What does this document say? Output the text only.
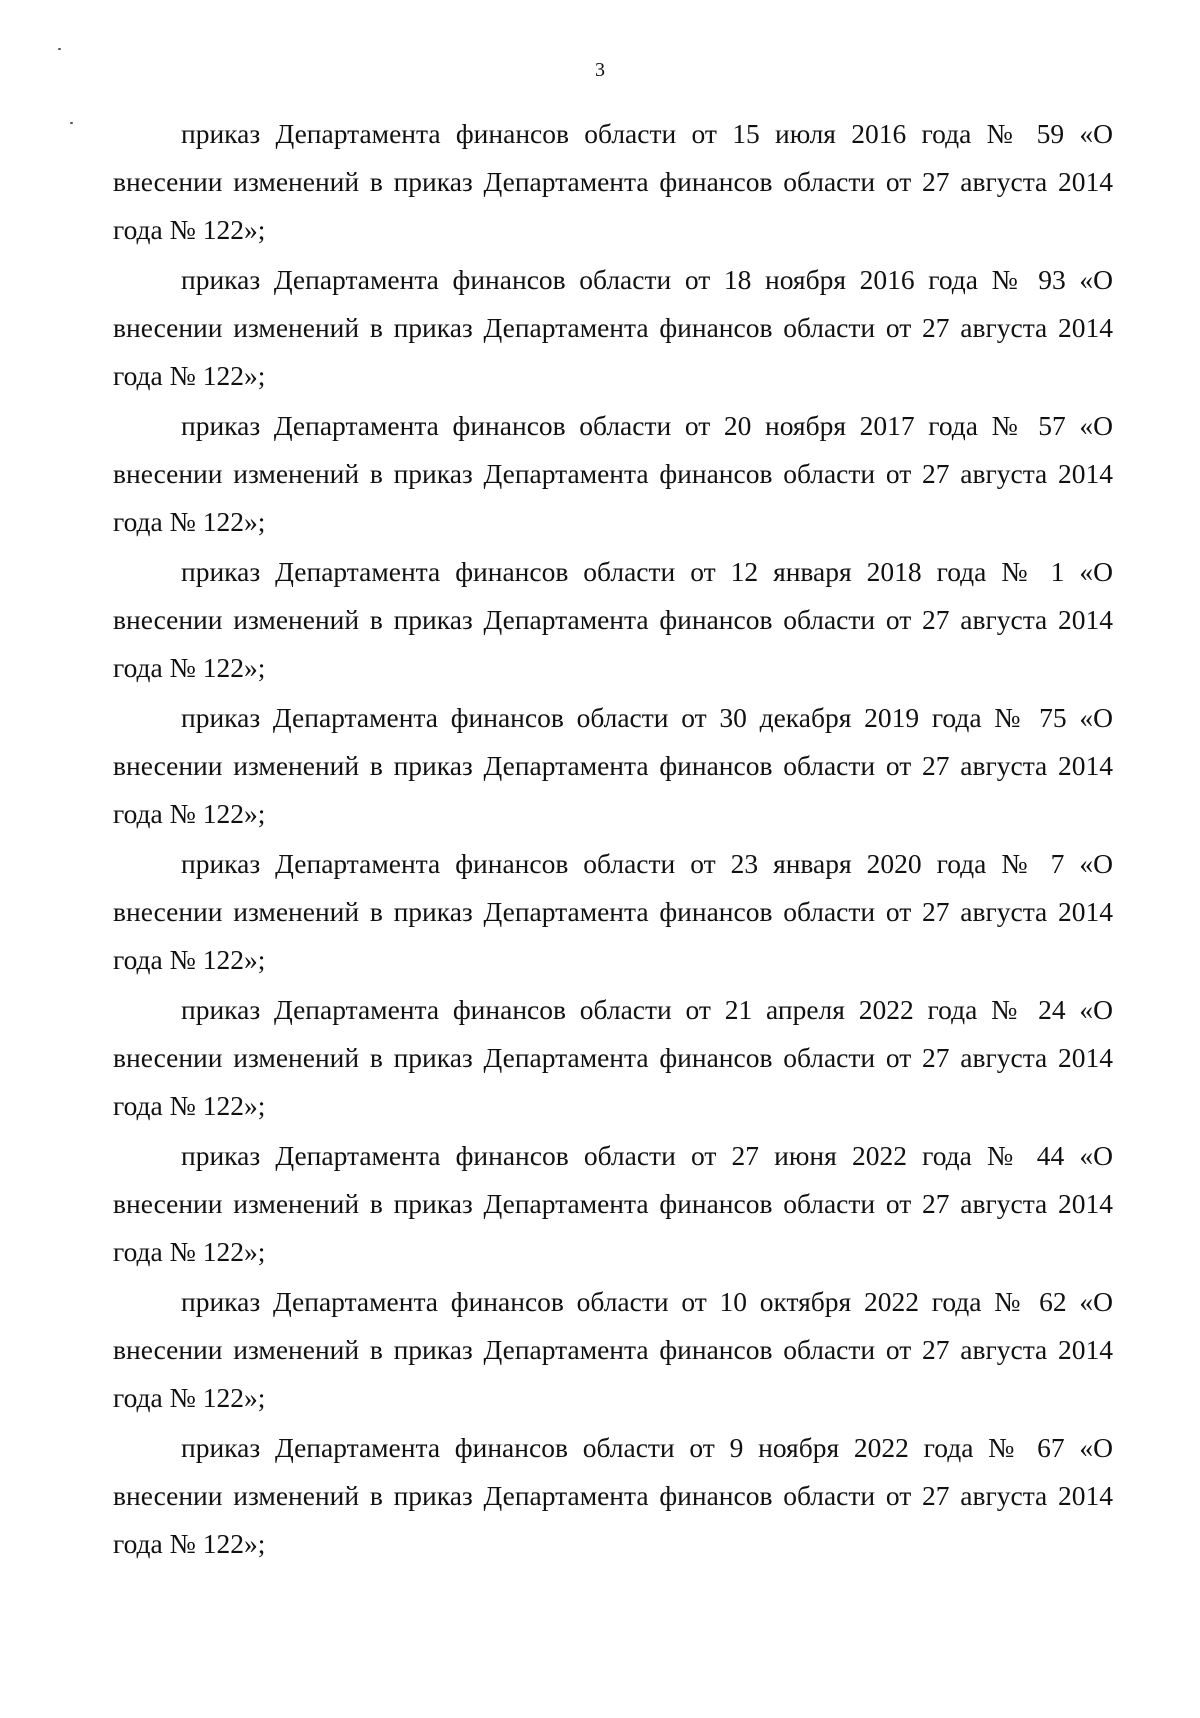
3

приказ Департамента финансов области от 15 июля 2016 года № 59 «О внесении изменений в приказ Департамента финансов области от 27 августа 2014 года № 122»;

приказ Департамента финансов области от 18 ноября 2016 года № 93 «О внесении изменений в приказ Департамента финансов области от 27 августа 2014 года № 122»;

приказ Департамента финансов области от 20 ноября 2017 года № 57 «О внесении изменений в приказ Департамента финансов области от 27 августа 2014 года № 122»;

приказ Департамента финансов области от 12 января 2018 года № 1 «О внесении изменений в приказ Департамента финансов области от 27 августа 2014 года № 122»;

приказ Департамента финансов области от 30 декабря 2019 года № 75 «О внесении изменений в приказ Департамента финансов области от 27 августа 2014 года № 122»;

приказ Департамента финансов области от 23 января 2020 года № 7 «О внесении изменений в приказ Департамента финансов области от 27 августа 2014 года № 122»;

приказ Департамента финансов области от 21 апреля 2022 года № 24 «О внесении изменений в приказ Департамента финансов области от 27 августа 2014 года № 122»;

приказ Департамента финансов области от 27 июня 2022 года № 44 «О внесении изменений в приказ Департамента финансов области от 27 августа 2014 года № 122»;

приказ Департамента финансов области от 10 октября 2022 года № 62 «О внесении изменений в приказ Департамента финансов области от 27 августа 2014 года № 122»;

приказ Департамента финансов области от 9 ноября 2022 года № 67 «О внесении изменений в приказ Департамента финансов области от 27 августа 2014 года № 122»;
